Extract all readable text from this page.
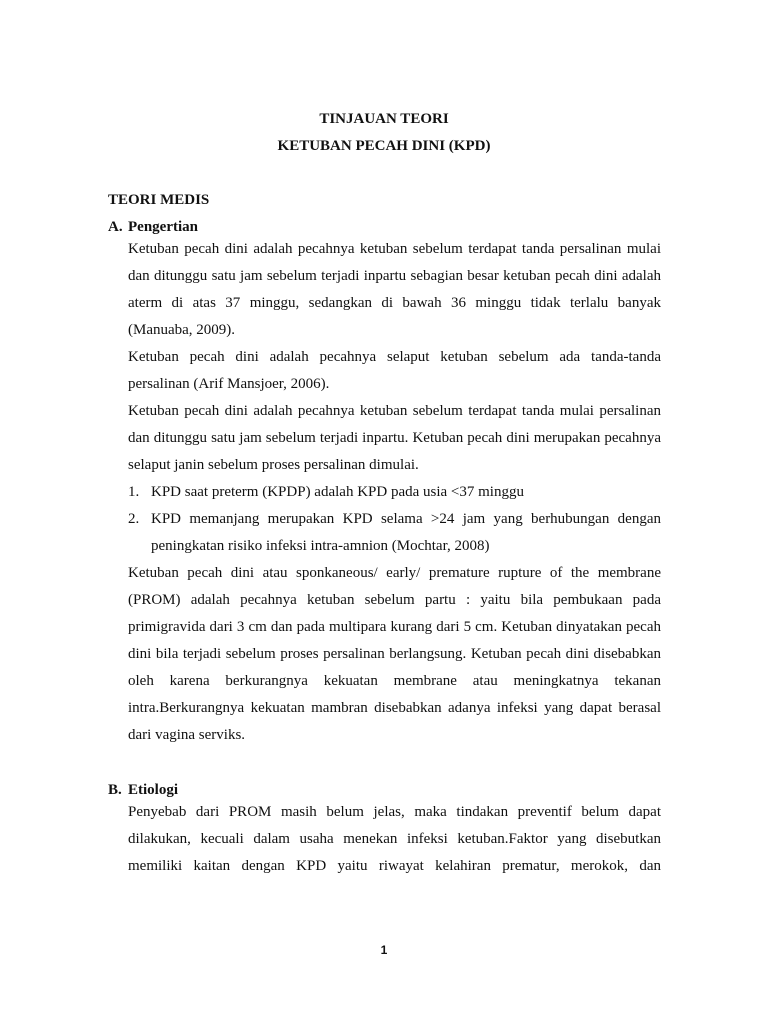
TINJAUAN TEORI
KETUBAN PECAH DINI (KPD)
TEORI MEDIS
A. Pengertian
Ketuban pecah dini adalah pecahnya ketuban sebelum terdapat tanda persalinan mulai
dan ditunggu satu jam sebelum terjadi inpartu sebagian besar ketuban pecah dini adalah
aterm di atas 37 minggu, sedangkan di bawah 36 minggu tidak terlalu banyak
(Manuaba, 2009).
Ketuban pecah dini adalah pecahnya selaput ketuban sebelum ada tanda-tanda
persalinan (Arif Mansjoer, 2006).
Ketuban pecah dini adalah pecahnya ketuban sebelum terdapat tanda mulai persalinan
dan ditunggu satu jam sebelum terjadi inpartu. Ketuban pecah dini merupakan pecahnya
selaput janin sebelum proses persalinan dimulai.
1. KPD saat preterm (KPDP) adalah KPD pada usia <37 minggu
2. KPD memanjang merupakan KPD selama >24 jam yang berhubungan dengan
peningkatan risiko infeksi intra-amnion (Mochtar, 2008)
Ketuban pecah dini atau sponkaneous/ early/ premature rupture of the membrane
(PROM) adalah pecahnya ketuban sebelum partu : yaitu bila pembukaan pada
primigravida dari 3 cm dan pada multipara kurang dari 5 cm. Ketuban dinyatakan pecah
dini bila terjadi sebelum proses persalinan berlangsung. Ketuban pecah dini disebabkan
oleh karena berkurangnya kekuatan membrane atau meningkatnya tekanan
intra.Berkurangnya kekuatan mambran disebabkan adanya infeksi yang dapat berasal
dari vagina serviks.
B. Etiologi
Penyebab dari PROM masih belum jelas, maka tindakan preventif belum dapat
dilakukan, kecuali dalam usaha menekan infeksi ketuban.Faktor yang disebutkan
memiliki kaitan dengan KPD yaitu riwayat kelahiran prematur, merokok, dan
1
